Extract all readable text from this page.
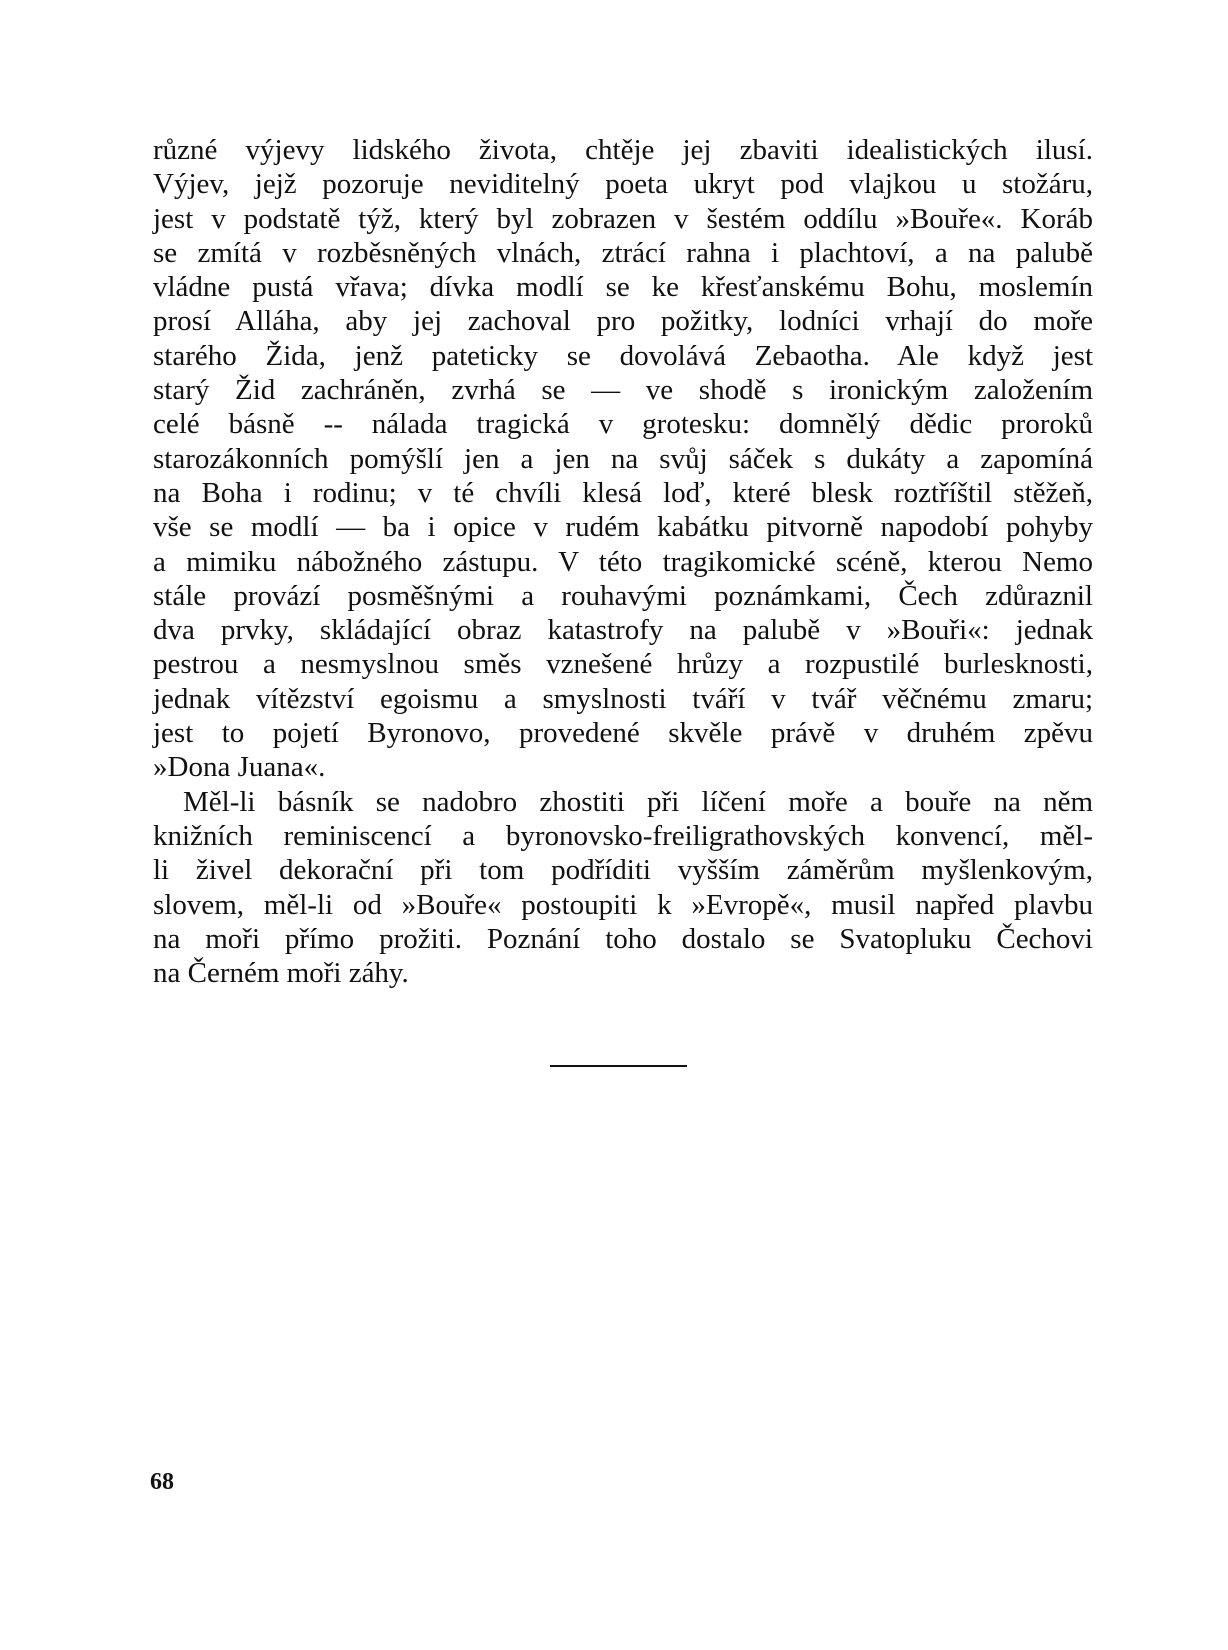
různé výjevy lidského života, chtěje jej zbaviti idealistických ilusí.
Výjev, jejž pozoruje neviditelný poeta ukryt pod vlajkou u stožáru,
jest v podstatě týž, který byl zobrazen v šestém oddílu »Bouře«. Koráb
se zmítá v rozběsněných vlnách, ztrácí rahna i plachtoví, a na palubě
vládne pustá vřava; dívka modlí se ke křesťanskému Bohu, moslemín
prosí Alláha, aby jej zachoval pro požitky, lodníci vrhají do moře
starého Žida, jenž pateticky se dovolává Zebaotha. Ale když jest
starý Žid zachráněn, zvrhá se — ve shodě s ironickým založením
celé básně -- nálada tragická v grotesku: domnělý dědic proroků
starozákonních pomýšlí jen a jen na svůj sáček s dukáty a zapomíná
na Boha i rodinu; v té chvíli klesá loď, které blesk roztříštil stěžeň,
vše se modlí — ba i opice v rudém kabátku pitvorně napodobí pohyby
a mimiku nábožného zástupu. V této tragikomické scéně, kterou Nemo
stále provází posměšnými a rouhavými poznámkami, Čech zdůraznil
dva prvky, skládající obraz katastrofy na palubě v »Bouři«: jednak
pestrou a nesmyslnou směs vznešené hrůzy a rozpustilé burlesknosti,
jednak vítězství egoismu a smyslnosti tváří v tvář věčnému zmaru;
jest to pojetí Byronovo, provedené skvěle právě v druhém zpěvu
»Dona Juana«.
Měl-li básník se nadobro zhostiti při líčení moře a bouře na něm
knižních reminiscencí a byronovsko-freiligrathovských konvencí, měl-
li živel dekorační při tom podříditi vyšším záměrům myšlenkovým,
slovem, měl-li od »Bouře« postoupiti k »Evropě«, musil napřed plavbu
na moři přímo prožiti. Poznání toho dostalo se Svatopluku Čechovi
na Černém moři záhy.
68
